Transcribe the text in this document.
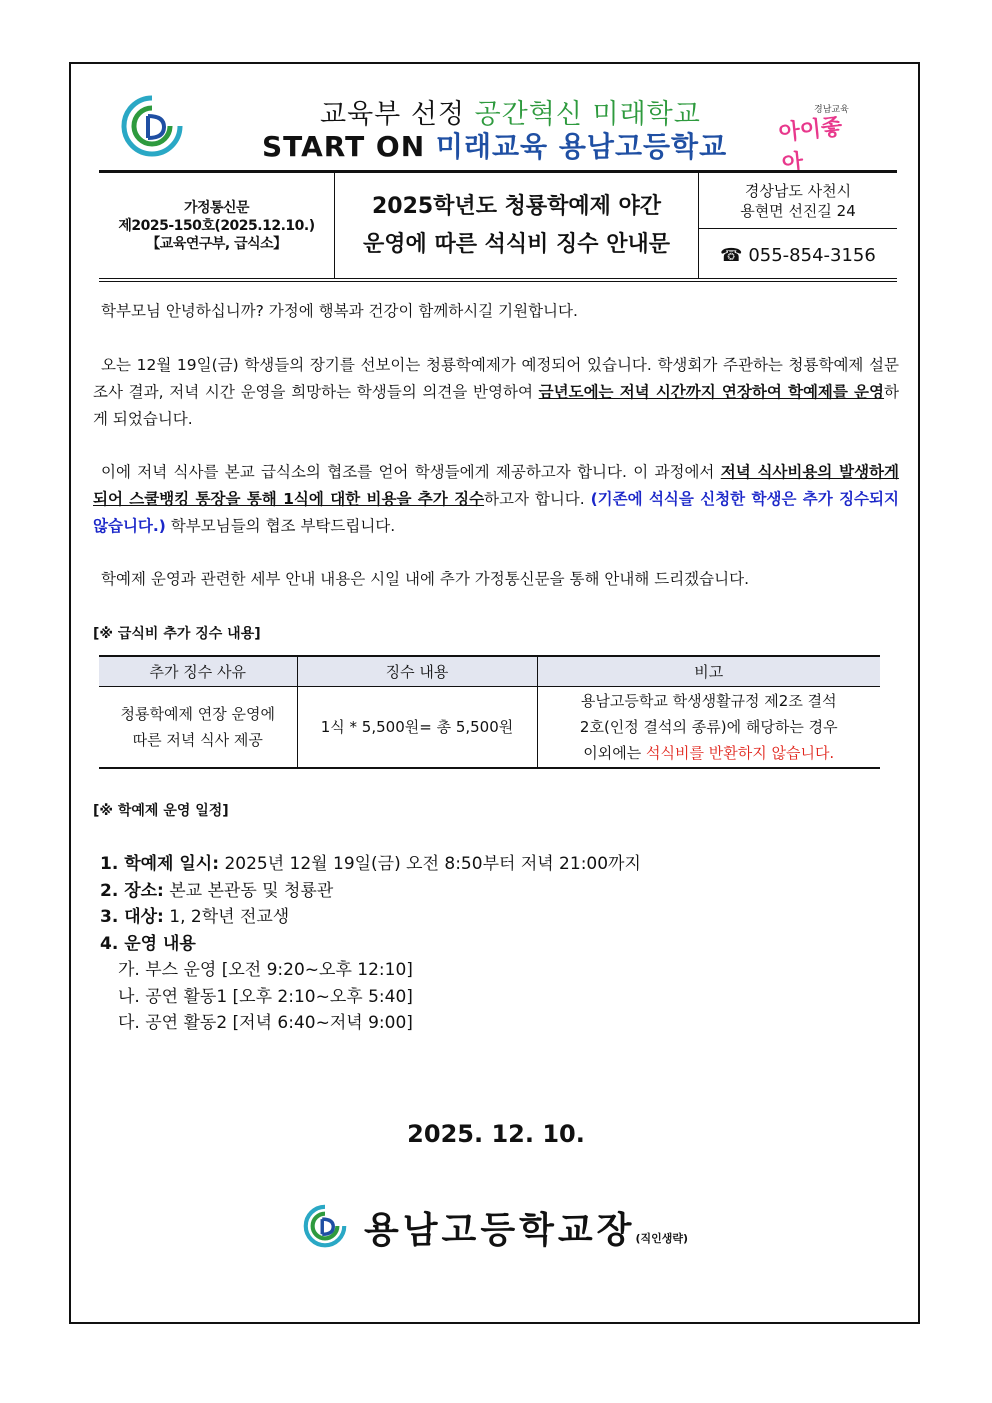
교육부 선정 공간혁신 미래학교
START ON 미래교육 용남고등학교
경남교육
아이좋아
가정통신문
제2025-150호(2025.12.10.)
【교육연구부, 급식소】
2025학년도 청룡학예제 야간
운영에 따른 석식비 징수 안내문
경상남도 사천시
용현면 선진길 24
☎ 055-854-3156
학부모님 안녕하십니까? 가정에 행복과 건강이 함께하시길 기원합니다.
오는 12월 19일(금) 학생들의 장기를 선보이는 청룡학예제가 예정되어 있습니다. 학생회가 주관하는 청룡학예제 설문조사 결과, 저녁 시간 운영을 희망하는 학생들의 의견을 반영하여 금년도에는 저녁 시간까지 연장하여 학예제를 운영하게 되었습니다.
이에 저녁 식사를 본교 급식소의 협조를 얻어 학생들에게 제공하고자 합니다. 이 과정에서 저녁 식사비용의 발생하게 되어 스쿨뱅킹 통장을 통해 1식에 대한 비용을 추가 징수하고자 합니다. (기존에 석식을 신청한 학생은 추가 징수되지 않습니다.) 학부모님들의 협조 부탁드립니다.
학예제 운영과 관련한 세부 안내 내용은 시일 내에 추가 가정통신문을 통해 안내해 드리겠습니다.
[※ 급식비 추가 징수 내용]
추가 징수 사유	징수 내용	비고
청룡학예제 연장 운영에
따른 저녁 식사 제공	1식 * 5,500원= 총 5,500원	용남고등학교 학생생활규정 제2조 결석
2호(인정 결석의 종류)에 해당하는 경우
이외에는 석식비를 반환하지 않습니다.
[※ 학예제 운영 일정]
1. 학예제 일시: 2025년 12월 19일(금) 오전 8:50부터 저녁 21:00까지
2. 장소: 본교 본관동 및 청룡관
3. 대상: 1, 2학년 전교생
4. 운영 내용
가. 부스 운영 [오전 9:20~오후 12:10]
나. 공연 활동1 [오후 2:10~오후 5:40]
다. 공연 활동2 [저녁 6:40~저녁 9:00]
2025. 12. 10.
용남고등학교장(직인생략)
